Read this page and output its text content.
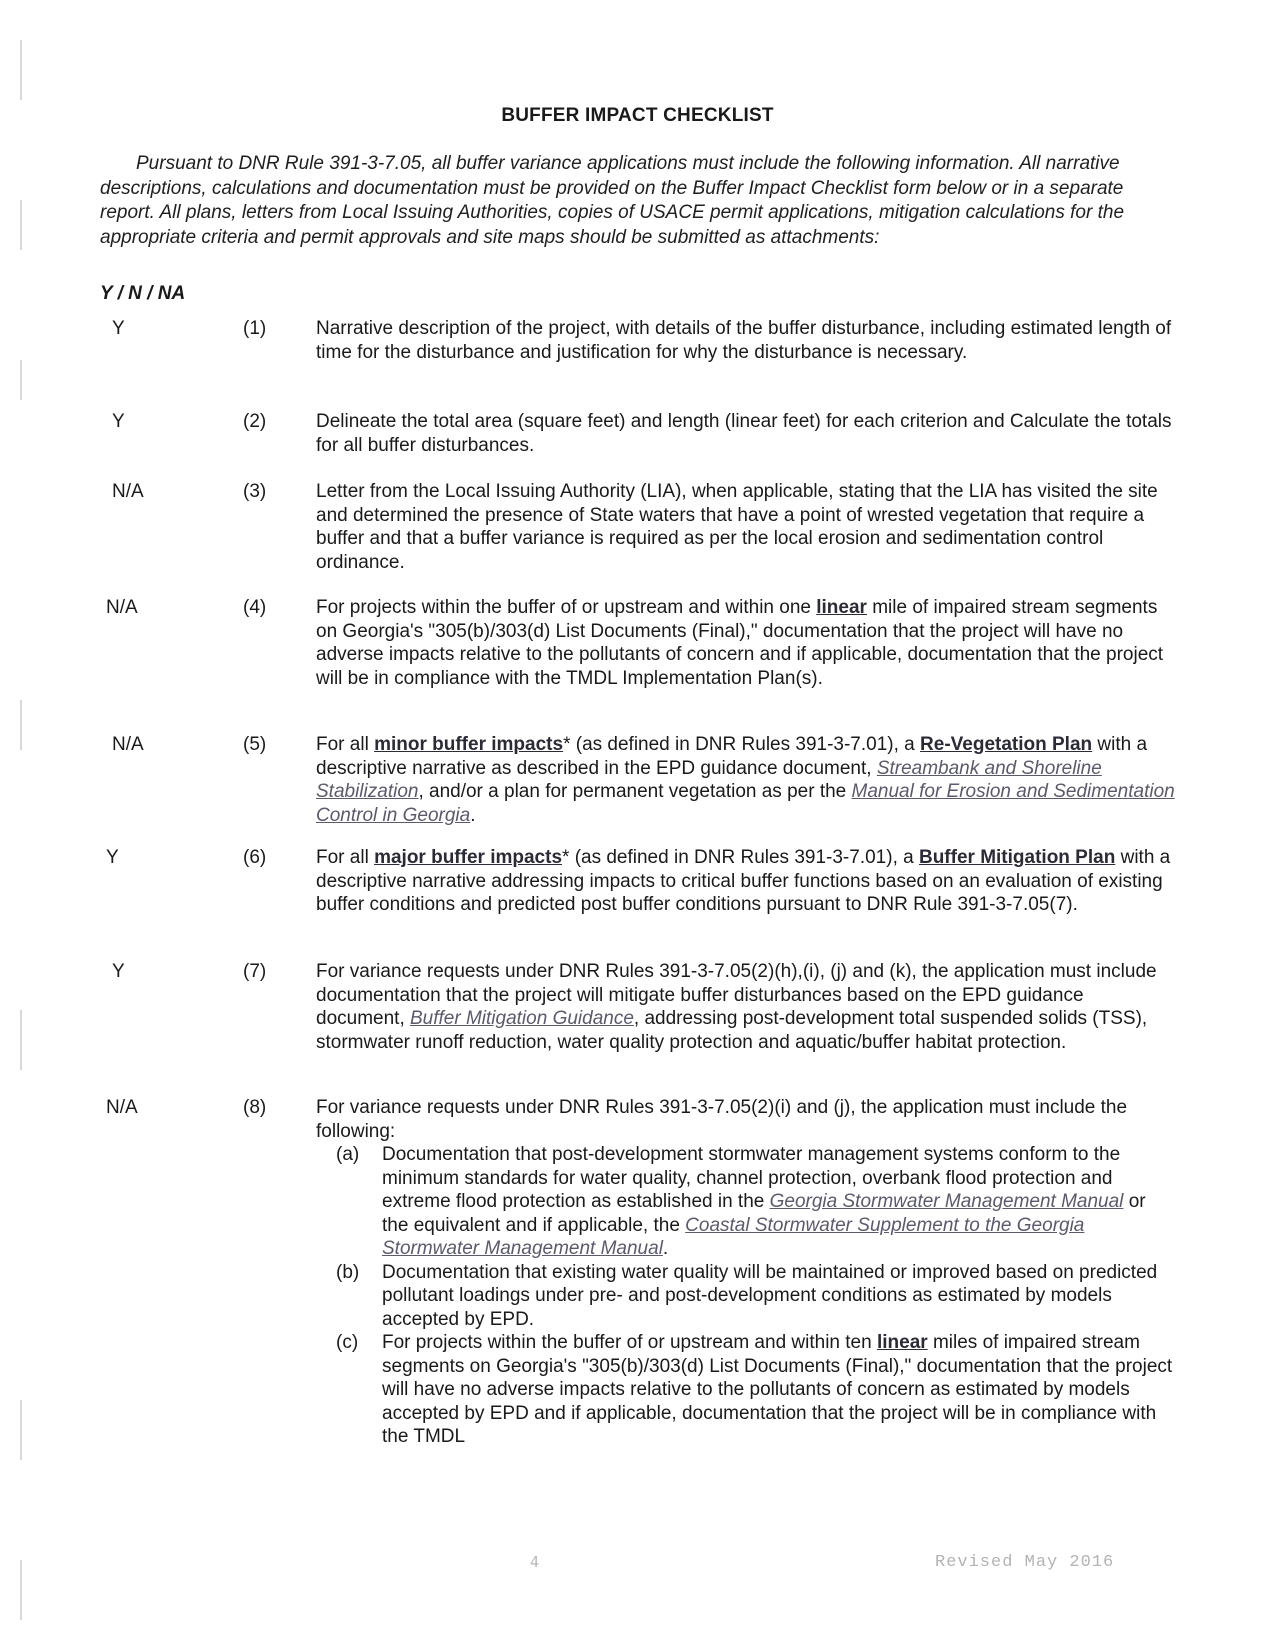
BUFFER IMPACT CHECKLIST
Pursuant to DNR Rule 391-3-7.05, all buffer variance applications must include the following information. All narrative descriptions, calculations and documentation must be provided on the Buffer Impact Checklist form below or in a separate report. All plans, letters from Local Issuing Authorities, copies of USACE permit applications, mitigation calculations for the appropriate criteria and permit approvals and site maps should be submitted as attachments:
Y / N / NA
Y	(1)	Narrative description of the project, with details of the buffer disturbance, including estimated length of time for the disturbance and justification for why the disturbance is necessary.
Y	(2)	Delineate the total area (square feet) and length (linear feet) for each criterion and Calculate the totals for all buffer disturbances.
N/A	(3)	Letter from the Local Issuing Authority (LIA), when applicable, stating that the LIA has visited the site and determined the presence of State waters that have a point of wrested vegetation that require a buffer and that a buffer variance is required as per the local erosion and sedimentation control ordinance.
N/A	(4)	For projects within the buffer of or upstream and within one linear mile of impaired stream segments on Georgia's "305(b)/303(d) List Documents (Final)," documentation that the project will have no adverse impacts relative to the pollutants of concern and if applicable, documentation that the project will be in compliance with the TMDL Implementation Plan(s).
N/A	(5)	For all minor buffer impacts* (as defined in DNR Rules 391-3-7.01), a Re-Vegetation Plan with a descriptive narrative as described in the EPD guidance document, Streambank and Shoreline Stabilization, and/or a plan for permanent vegetation as per the Manual for Erosion and Sedimentation Control in Georgia.
Y	(6)	For all major buffer impacts* (as defined in DNR Rules 391-3-7.01), a Buffer Mitigation Plan with a descriptive narrative addressing impacts to critical buffer functions based on an evaluation of existing buffer conditions and predicted post buffer conditions pursuant to DNR Rule 391-3-7.05(7).
Y	(7)	For variance requests under DNR Rules 391-3-7.05(2)(h),(i), (j) and (k), the application must include documentation that the project will mitigate buffer disturbances based on the EPD guidance document, Buffer Mitigation Guidance, addressing post-development total suspended solids (TSS), stormwater runoff reduction, water quality protection and aquatic/buffer habitat protection.
N/A	(8)	For variance requests under DNR Rules 391-3-7.05(2)(i) and (j), the application must include the following:
(a) Documentation that post-development stormwater management systems conform to the minimum standards for water quality, channel protection, overbank flood protection and extreme flood protection as established in the Georgia Stormwater Management Manual or the equivalent and if applicable, the Coastal Stormwater Supplement to the Georgia Stormwater Management Manual.
(b) Documentation that existing water quality will be maintained or improved based on predicted pollutant loadings under pre- and post-development conditions as estimated by models accepted by EPD.
(c) For projects within the buffer of or upstream and within ten linear miles of impaired stream segments on Georgia's "305(b)/303(d) List Documents (Final)," documentation that the project will have no adverse impacts relative to the pollutants of concern as estimated by models accepted by EPD and if applicable, documentation that the project will be in compliance with the TMDL
4	Revised May 2016
